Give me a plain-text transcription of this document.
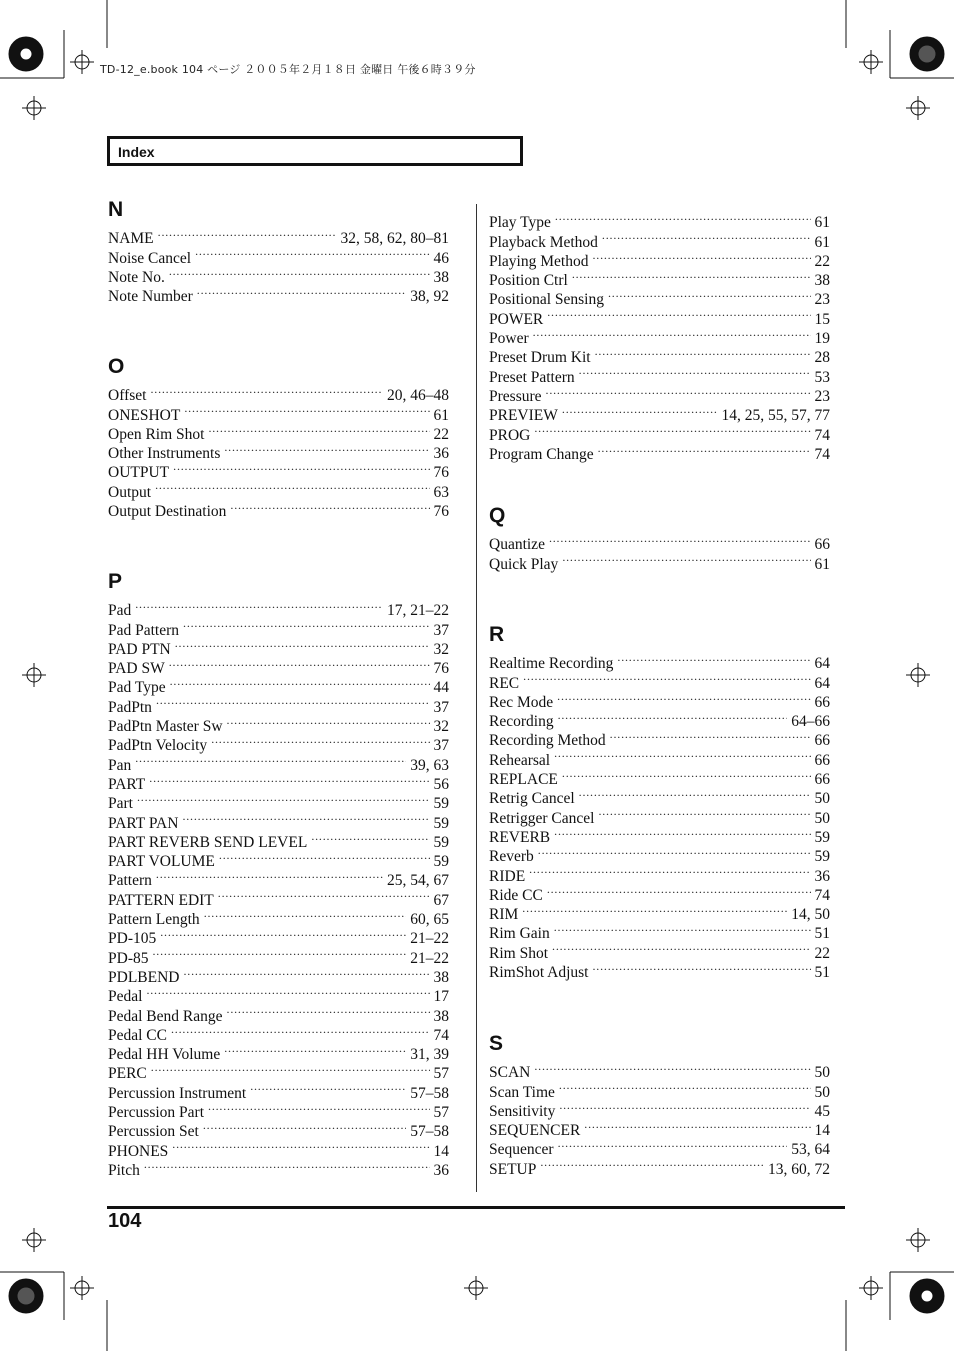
TD-12_e.book 104 ページ ２００５年２月１８日 金曜日 午後６時３９分
Index
N
NAME .....	32, 58, 62, 80–81
Noise Cancel .....	46
Note No. .....	38
Note Number .....	38, 92
O
Offset .....	20, 46–48
ONESHOT .....	61
Open Rim Shot .....	22
Other Instruments .....	36
OUTPUT .....	76
Output .....	63
Output Destination .....	76
P
Pad .....	17, 21–22
Pad Pattern .....	37
PAD PTN .....	32
PAD SW .....	76
Pad Type .....	44
PadPtn .....	37
PadPtn Master Sw .....	32
PadPtn Velocity .....	37
Pan .....	39, 63
PART .....	56
Part .....	59
PART PAN .....	59
PART REVERB SEND LEVEL .....	59
PART VOLUME .....	59
Pattern .....	25, 54, 67
PATTERN EDIT .....	67
Pattern Length .....	60, 65
PD-105 .....	21–22
PD-85 .....	21–22
PDLBEND .....	38
Pedal .....	17
Pedal Bend Range .....	38
Pedal CC .....	74
Pedal HH Volume .....	31, 39
PERC .....	57
Percussion Instrument .....	57–58
Percussion Part .....	57
Percussion Set .....	57–58
PHONES .....	14
Pitch .....	36
Play Type .....	61
Playback Method .....	61
Playing Method .....	22
Position Ctrl .....	38
Positional Sensing .....	23
POWER .....	15
Power .....	19
Preset Drum Kit .....	28
Preset Pattern .....	53
Pressure .....	23
PREVIEW .....	14, 25, 55, 57, 77
PROG .....	74
Program Change .....	74
Q
Quantize .....	66
Quick Play .....	61
R
Realtime Recording .....	64
REC .....	64
Rec Mode .....	66
Recording .....	64–66
Recording Method .....	66
Rehearsal .....	66
REPLACE .....	66
Retrig Cancel .....	50
Retrigger Cancel .....	50
REVERB .....	59
Reverb .....	59
RIDE .....	36
Ride CC .....	74
RIM .....	14, 50
Rim Gain .....	51
Rim Shot .....	22
RimShot Adjust .....	51
S
SCAN .....	50
Scan Time .....	50
Sensitivity .....	45
SEQUENCER .....	14
Sequencer .....	53, 64
SETUP .....	13, 60, 72
104
